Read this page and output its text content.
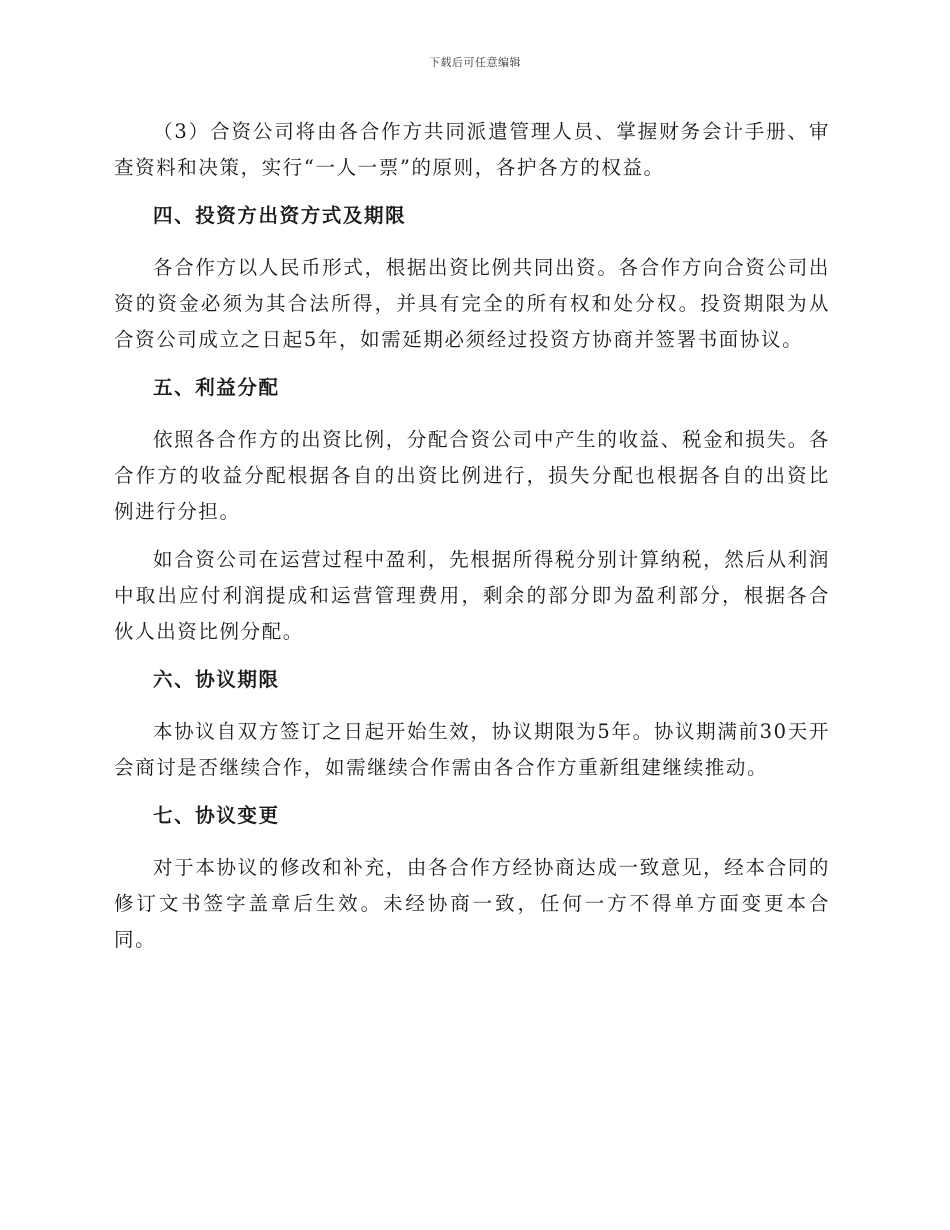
下载后可任意编辑

（3）合资公司将由各合作方共同派遣管理人员、掌握财务会计手册、审查资料和决策，实行“一人一票”的原则，各护各方的权益。

四、投资方出资方式及期限

各合作方以人民币形式，根据出资比例共同出资。各合作方向合资公司出资的资金必须为其合法所得，并具有完全的所有权和处分权。投资期限为从合资公司成立之日起5年，如需延期必须经过投资方协商并签署书面协议。

五、利益分配

依照各合作方的出资比例，分配合资公司中产生的收益、税金和损失。各合作方的收益分配根据各自的出资比例进行，损失分配也根据各自的出资比例进行分担。

如合资公司在运营过程中盈利，先根据所得税分别计算纳税，然后从利润中取出应付利润提成和运营管理费用，剩余的部分即为盈利部分，根据各合伙人出资比例分配。

六、协议期限

本协议自双方签订之日起开始生效，协议期限为5年。协议期满前30天开会商讨是否继续合作，如需继续合作需由各合作方重新组建继续推动。

七、协议变更

对于本协议的修改和补充，由各合作方经协商达成一致意见，经本合同的修订文书签字盖章后生效。未经协商一致，任何一方不得单方面变更本合同。
